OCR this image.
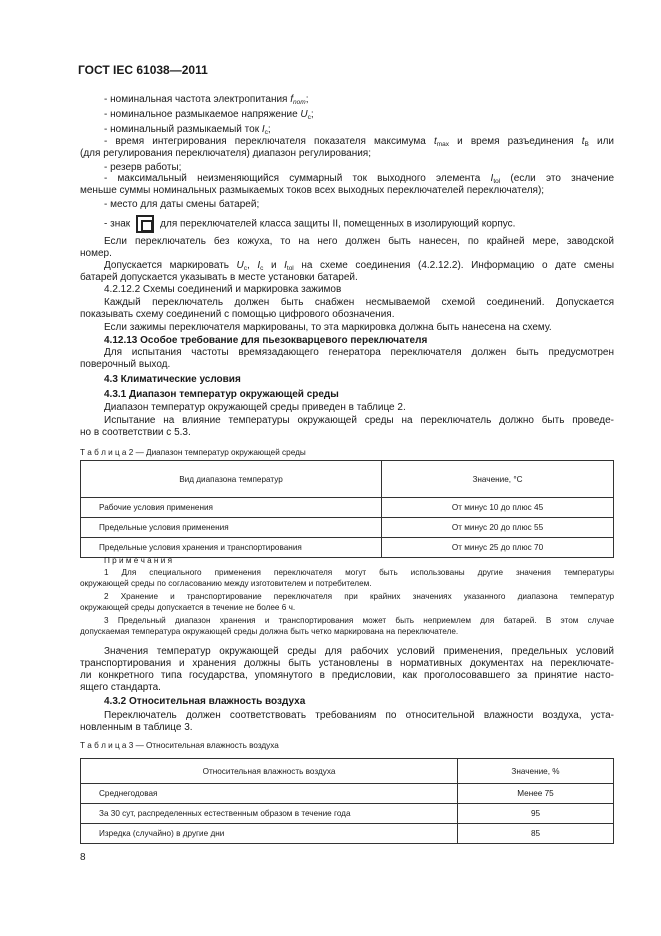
ГОСТ IEC 61038—2011
- номинальная частота электропитания $f_{nom}$;
- номинальное размыкаемое напряжение $U_c$;
- номинальный размыкаемый ток $I_c$;
- время интегрирования переключателя показателя максимума $t_{max}$ и время разъединения $t_B$ или
(для регулирования переключателя) диапазон регулирования;
- резерв работы;
- максимальный неизменяющийся суммарный ток выходного элемента $I_{tol}$ (если это значение
меньше суммы номинальных размыкаемых токов всех выходных переключателей переключателя);
- место для даты смены батарей;
- знак	для переключателей класса защиты II, помещенных в изолирующий корпус.
Если переключатель без кожуха, то на него должен быть нанесен, по крайней мере, заводской
номер.
Допускается маркировать $U_c$, $I_c$ и $I_{tol}$ на схеме соединения (4.2.12.2). Информацию о дате смены
батарей допускается указывать в месте установки батарей.
4.2.12.2 Схемы соединений и маркировка зажимов
Каждый переключатель должен быть снабжен несмываемой схемой соединений. Допускается
показывать схему соединений с помощью цифрового обозначения.
Если зажимы переключателя маркированы, то эта маркировка должна быть нанесена на схему.
4.12.13 Особое требование для пьезокварцевого переключателя
Для испытания частоты времязадающего генератора переключателя должен быть предусмотрен
поверочный выход.
4.3 Климатические условия
4.3.1 Диапазон температур окружающей среды
Диапазон температур окружающей среды приведен в таблице 2.
Испытание на влияние температуры окружающей среды на переключатель должно быть проведе-
но в соответствии с 5.3.
Т а б л и ц а 2 — Диапазон температур окружающей среды
Вид диапазона температур	Значение, °С
Рабочие условия применения	От минус 10 до плюс 45
Предельные условия применения	От минус 20 до плюс 55
Предельные условия хранения и транспортирования	От минус 25 до плюс 70
П р и м е ч а н и я
1 Для специального применения переключателя могут быть использованы другие значения температуры
окружающей среды по согласованию между изготовителем и потребителем.
2 Хранение и транспортирование переключателя при крайних значениях указанного диапазона температур
окружающей среды допускается в течение не более 6 ч.
3 Предельный диапазон хранения и транспортирования может быть неприемлем для батарей. В этом случае
допускаемая температура окружающей среды должна быть четко маркирована на переключателе.
Значения температур окружающей среды для рабочих условий применения, предельных условий
транспортирования и хранения должны быть установлены в нормативных документах на переключате-
ли конкретного типа государства, упомянутого в предисловии, как проголосовавшего за принятие насто-
ящего стандарта.
4.3.2 Относительная влажность воздуха
Переключатель должен соответствовать требованиям по относительной влажности воздуха, уста-
новленным в таблице 3.
Т а б л и ц а 3 — Относительная влажность воздуха
Относительная влажность воздуха	Значение, %
Среднегодовая	Менее 75
За 30 сут, распределенных естественным образом в течение года	95
Изредка (случайно) в другие дни	85
8
